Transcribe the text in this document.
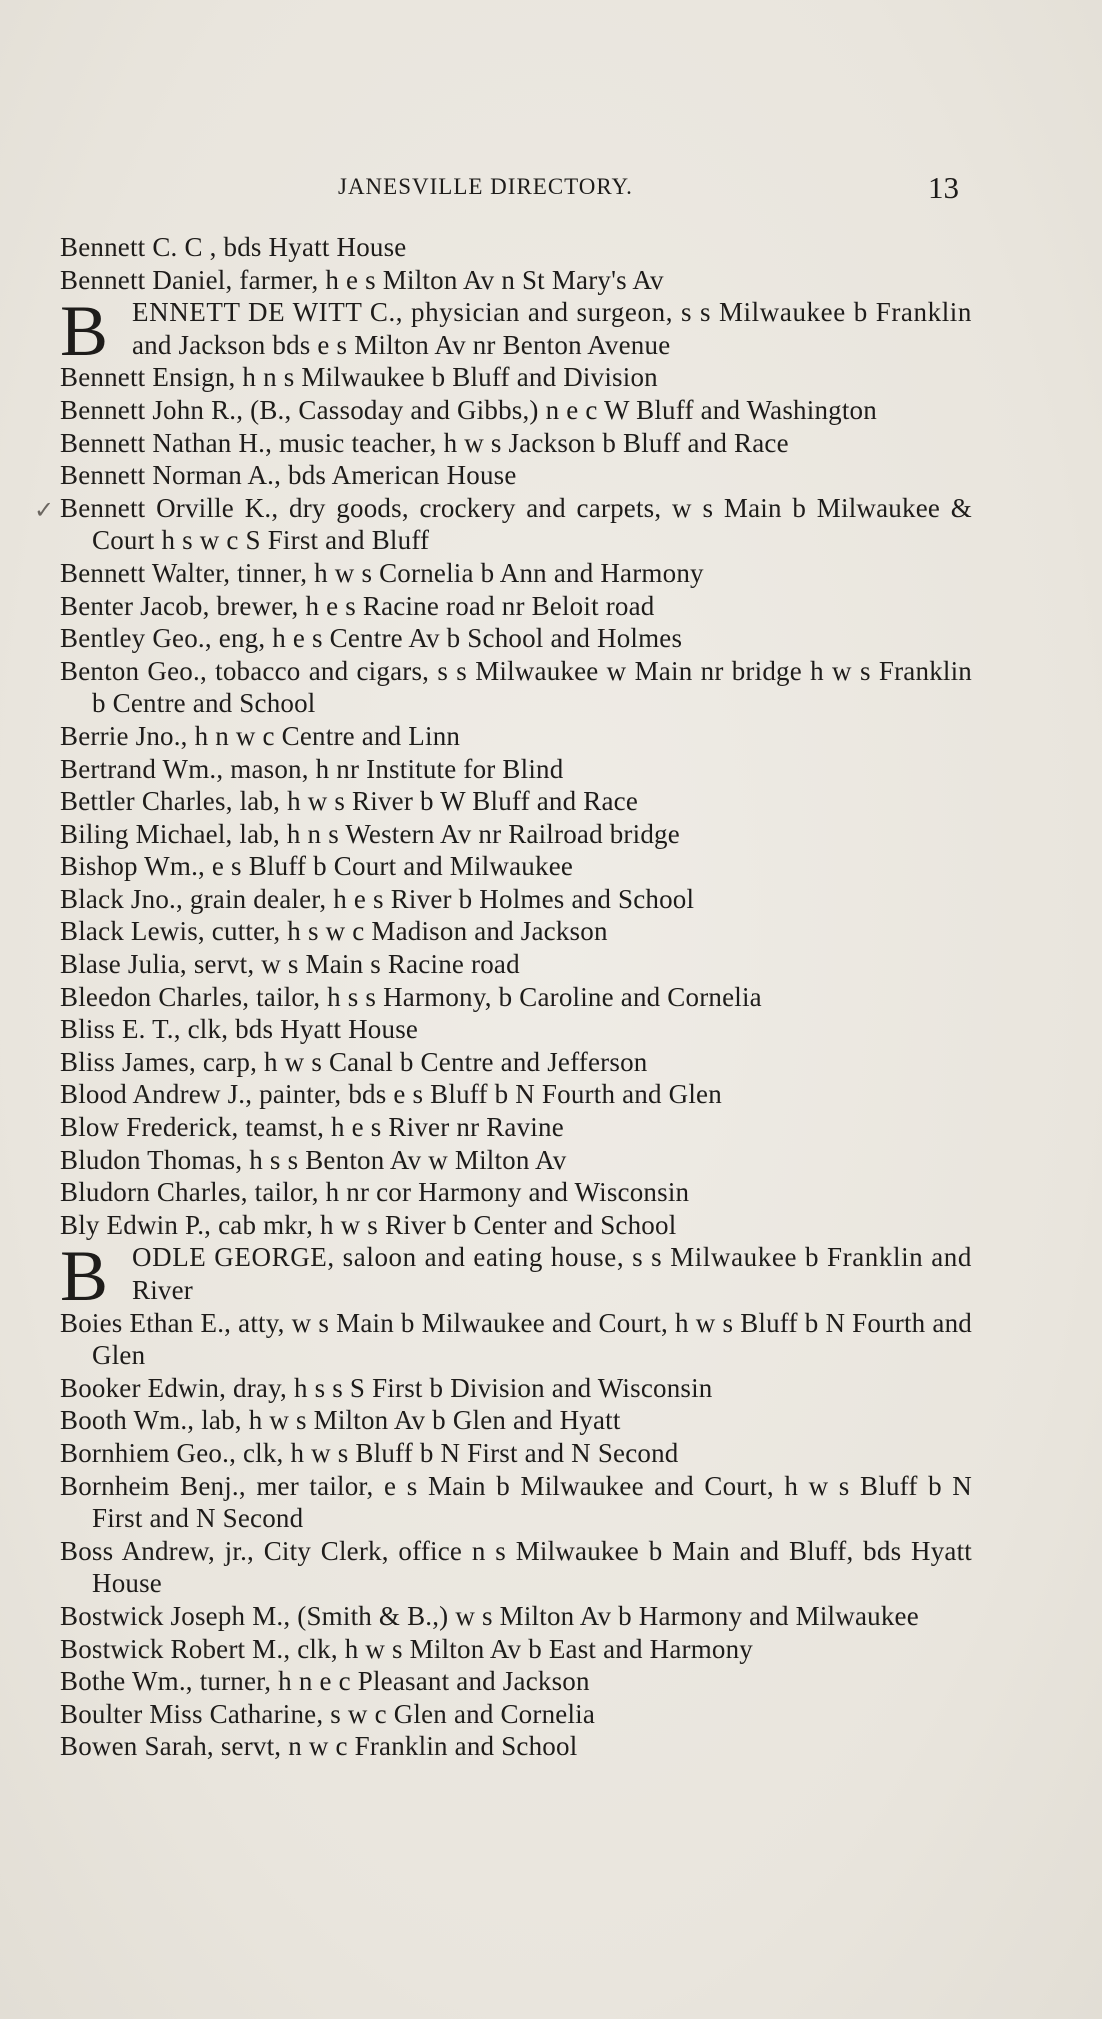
JANESVILLE DIRECTORY.	13
✓
Bennett C. C , bds Hyatt House
Bennett Daniel, farmer, h e s Milton Av n St Mary's Av
BENNETT DE WITT C., physician and surgeon, s s Milwaukee b Franklin and Jackson bds e s Milton Av nr Benton Avenue
Bennett Ensign, h n s Milwaukee b Bluff and Division
Bennett John R., (B., Cassoday and Gibbs,) n e c W Bluff and Washington
Bennett Nathan H., music teacher, h w s Jackson b Bluff and Race
Bennett Norman A., bds American House
Bennett Orville K., dry goods, crockery and carpets, w s Main b Milwaukee & Court h s w c S First and Bluff
Bennett Walter, tinner, h w s Cornelia b Ann and Harmony
Benter Jacob, brewer, h e s Racine road nr Beloit road
Bentley Geo., eng, h e s Centre Av b School and Holmes
Benton Geo., tobacco and cigars, s s Milwaukee w Main nr bridge h w s Franklin b Centre and School
Berrie Jno., h n w c Centre and Linn
Bertrand Wm., mason, h nr Institute for Blind
Bettler Charles, lab, h w s River b W Bluff and Race
Biling Michael, lab, h n s Western Av nr Railroad bridge
Bishop Wm., e s Bluff b Court and Milwaukee
Black Jno., grain dealer, h e s River b Holmes and School
Black Lewis, cutter, h s w c Madison and Jackson
Blase Julia, servt, w s Main s Racine road
Bleedon Charles, tailor, h s s Harmony, b Caroline and Cornelia
Bliss E. T., clk, bds Hyatt House
Bliss James, carp, h w s Canal b Centre and Jefferson
Blood Andrew J., painter, bds e s Bluff b N Fourth and Glen
Blow Frederick, teamst, h e s River nr Ravine
Bludon Thomas, h s s Benton Av w Milton Av
Bludorn Charles, tailor, h nr cor Harmony and Wisconsin
Bly Edwin P., cab mkr, h w s River b Center and School
BODLE GEORGE, saloon and eating house, s s Milwaukee b Franklin and River
Boies Ethan E., atty, w s Main b Milwaukee and Court, h w s Bluff b N Fourth and Glen
Booker Edwin, dray, h s s S First b Division and Wisconsin
Booth Wm., lab, h w s Milton Av b Glen and Hyatt
Bornhiem Geo., clk, h w s Bluff b N First and N Second
Bornheim Benj., mer tailor, e s Main b Milwaukee and Court, h w s Bluff b N First and N Second
Boss Andrew, jr., City Clerk, office n s Milwaukee b Main and Bluff, bds Hyatt House
Bostwick Joseph M., (Smith & B.,) w s Milton Av b Harmony and Milwaukee
Bostwick Robert M., clk, h w s Milton Av b East and Harmony
Bothe Wm., turner, h n e c Pleasant and Jackson
Boulter Miss Catharine, s w c Glen and Cornelia
Bowen Sarah, servt, n w c Franklin and School
